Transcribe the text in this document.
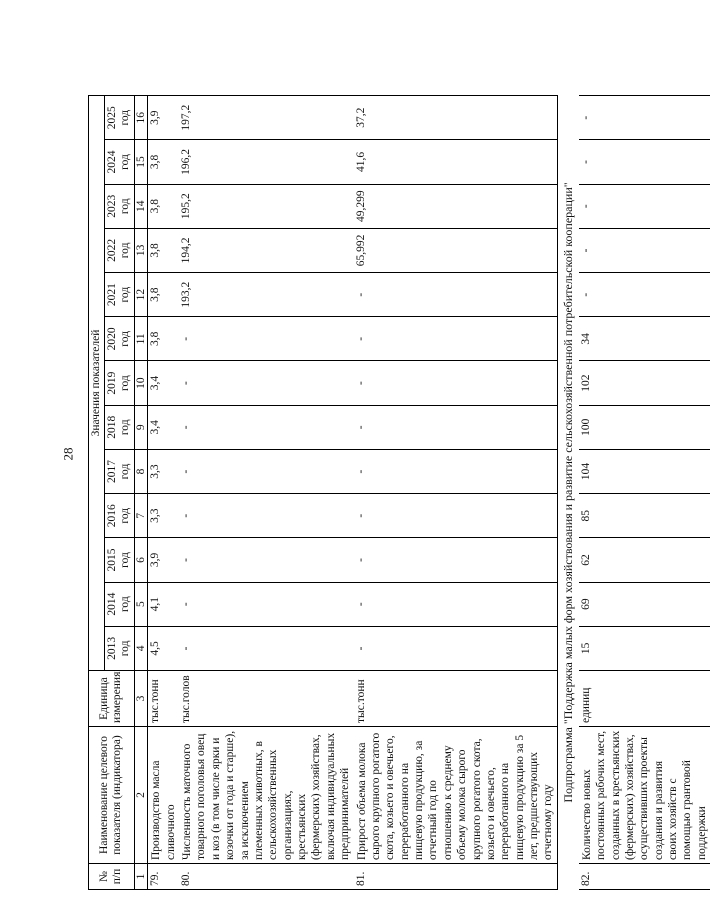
28
№ п/п	Наименование целевого показателя (индикатора)	Единица измерения	Значения показателей												
			2013 год	2014 год	2015 год	2016 год	2017 год	2018 год	2019 год	2020 год	2021 год	2022 год	2023 год	2024 год	2025 год
1	2	3	4	5	6	7	8	9	10	11	12	13	14	15	16
79.	Производство масла сливочного	тыс.тонн	4,5	4,1	3,9	3,3	3,3	3,4	3,4	3,8	3,8	3,8	3,8	3,8	3,9
80.	Численность маточного товарного поголовья овец и коз (в том числе ярки и козочки от года и старше), за исключением племенных животных, в сельскохозяйственных организациях, крестьянских (фермерских) хозяйствах, включая индивидуальных предпринимателей	тыс.голов	-	-	-	-	-	-	-	-	193,2	194,2	195,2	196,2	197,2
81.	Прирост объема молока сырого крупного рогатого скота, козьего и овечьего, переработанного на пищевую продукцию, за отчетный год по отношению к среднему объему молока сырого крупного рогатого скота, козьего и овечьего, переработанного на пищевую продукцию за 5 лет, предшествующих отчетному году	тыс.тонн	-	-	-	-	-	-	-	-	-	65,992	49,299	41,6	37,2
Подпрограмма "Поддержка малых форм хозяйствования и развитие сельскохозяйственной потребительской кооперации"															
82.	Количество новых постоянных рабочих мест, созданных в крестьянских (фермерских) хозяйствах, осуществивших проекты создания и развития своих хозяйств с помощью грантовой поддержки	единиц	15	69	62	85	104	100	102	34	-	-	-	-	-
